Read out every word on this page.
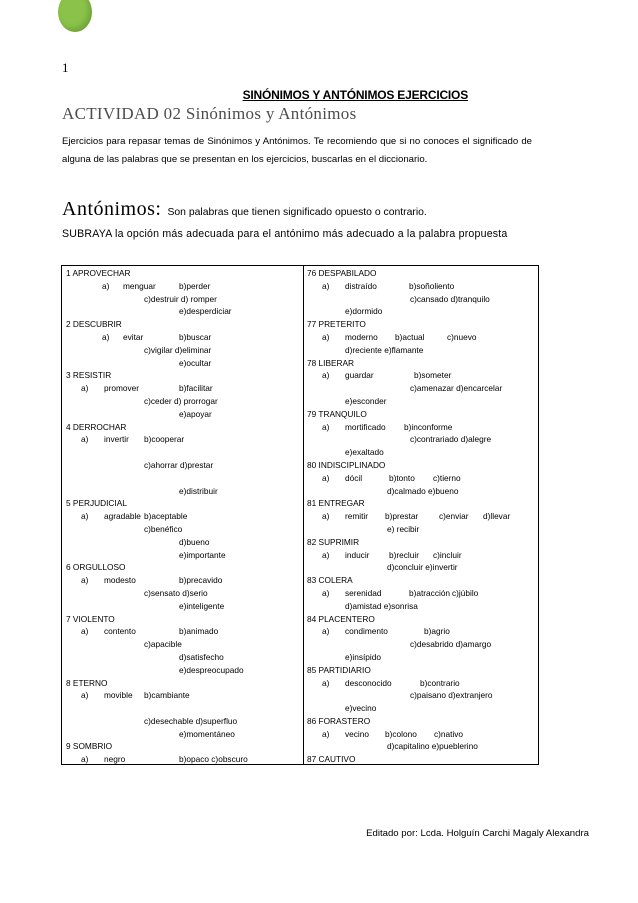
1
SINÓNIMOS Y ANTÓNIMOS EJERCICIOS
ACTIVIDAD 02 Sinónimos y Antónimos
Ejercicios para repasar temas de Sinónimos y Antónimos. Te recomiendo que si no conoces el significado de alguna de las palabras que se presentan en los ejercicios, buscarlas en el diccionario.
Antónimos: Son palabras que tienen significado opuesto o contrario.
SUBRAYA la opción más adecuada para el antónimo más adecuado a la palabra propuesta
1 APROVECHAR
a) menguar	b)perder
c)destruir d) romper
e)desperdiciar
2 DESCUBRIR
a) evitar	b)buscar
c)vigilar d)eliminar
e)ocultar
3 RESISTIR
a) promover	b)facilitar
c)ceder d) prorrogar
e)apoyar
4 DERROCHAR
a) invertir b)cooperar
c)ahorrar d)prestar
e)distribuir
5 PERJUDICIAL
a) agradable b)aceptable
c)benéfico
d)bueno
e)importante
6 ORGULLOSO
a) modesto	b)precavido
c)sensato d)serio
e)inteligente
7 VIOLENTO
a) contento	b)animado
c)apacible
d)satisfecho
e)despreocupado
8 ETERNO
a) movible b)cambiante
c)desechable d)superfluo
e)momentáneo
9 SOMBRIO
a) negro	b)opaco c)obscuro
76 DESPABILADO
a) distraído	b)soñoliento
c)cansado d)tranquilo
e)dormido
77 PRETERITO
a) moderno b)actual	c)nuevo
d)reciente e)flamante
78 LIBERAR
a) guardar	b)someter
c)amenazar d)encarcelar
e)esconder
79 TRANQUILO
a) mortificado b)inconforme
c)contrariado d)alegre
e)exaltado
80 INDISCIPLINADO
a) dócil	b)tonto c)tierno
d)calmado e)bueno
81 ENTREGAR
a) remitir b)prestar	c)enviar d)llevar
e) recibir
82 SUPRIMIR
a) inducir b)recluir c)incluir
d)concluir e)invertir
83 COLERA
a) serenidad	b)atracción c)júbilo
d)amistad e)sonrisa
84 PLACENTERO
a) condimento	b)agrio
c)desabrido d)amargo
e)insípido
85 PARTIDIARIO
a) desconocido	b)contrario
c)paisano d)extranjero
e)vecino
86 FORASTERO
a) vecino b)colono c)nativo
d)capitalino e)pueblerino
87 CAUTIVO
Editado por: Lcda. Holguín Carchi Magaly Alexandra
